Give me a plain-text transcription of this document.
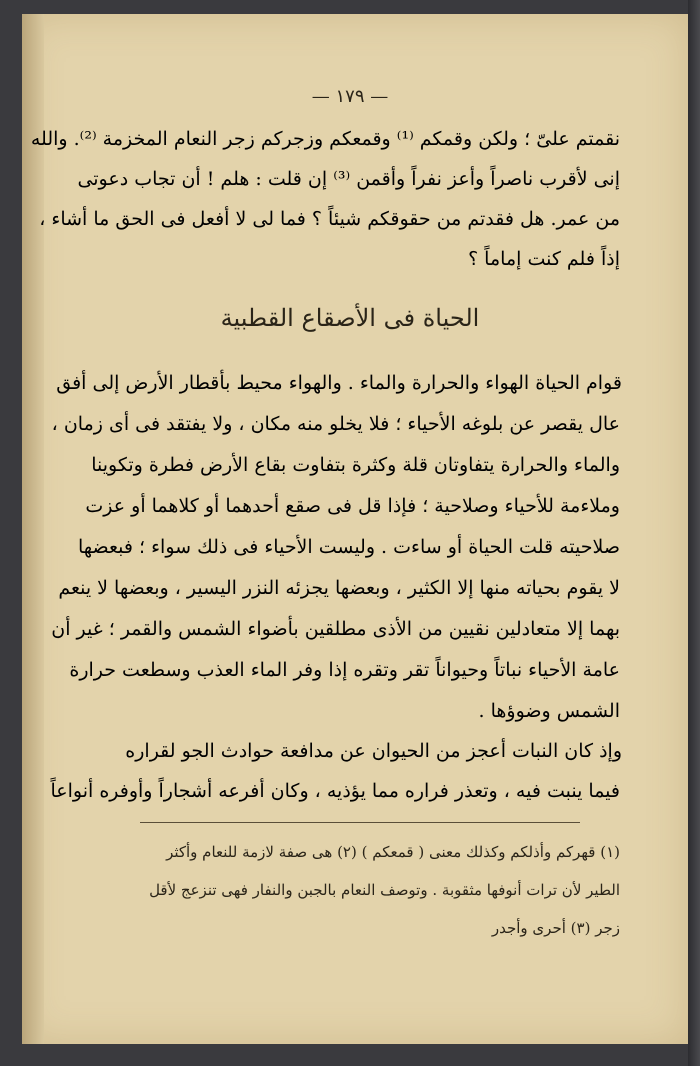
— ١٧٩ —
نقمتم علىّ ؛ ولكن وقمكم ⁽¹⁾ وقمعكم وزجركم زجر النعام المخزمة ⁽²⁾. والله
إنى لأقرب ناصراً وأعز نفراً وأقمن ⁽³⁾ إن قلت : هلم ! أن تجاب دعوتى
من عمر. هل فقدتم من حقوقكم شيئاً ؟ فما لى لا أفعل فى الحق ما أشاء ،
إذاً فلم كنت إماماً ؟
الحياة فى الأصقاع القطبية
قوام الحياة الهواء والحرارة والماء . والهواء محيط بأقطار الأرض إلى أفق
عال يقصر عن بلوغه الأحياء ؛ فلا يخلو منه مكان ، ولا يفتقد فى أى زمان ،
والماء والحرارة يتفاوتان قلة وكثرة بتفاوت بقاع الأرض فطرة وتكوينا
وملاءمة للأحياء وصلاحية ؛ فإذا قل فى صقع أحدهما أو كلاهما أو عزت
صلاحيته قلت الحياة أو ساءت . وليست الأحياء فى ذلك سواء ؛ فبعضها
لا يقوم بحياته منها إلا الكثير ، وبعضها يجزئه النزر اليسير ، وبعضها لا ينعم
بهما إلا متعادلين نقيين من الأذى مطلقين بأضواء الشمس والقمر ؛ غير أن
عامة الأحياء نباتاً وحيواناً تقر وتقره إذا وفر الماء العذب وسطعت حرارة
الشمس وضوؤها .
وإذ كان النبات أعجز من الحيوان عن مدافعة حوادث الجو لقراره
فيما ينبت فيه ، وتعذر فراره مما يؤذيه ، وكان أفرعه أشجاراً وأوفره أنواعاً
(١) قهركم وأذلكم وكذلك معنى ( قمعكم ) (٢) هى صفة لازمة للنعام وأكثر
الطير لأن ترات أنوفها مثقوبة . وتوصف النعام بالجبن والنفار فهى تنزعج لأقل
زجر (٣) أحرى وأجدر
